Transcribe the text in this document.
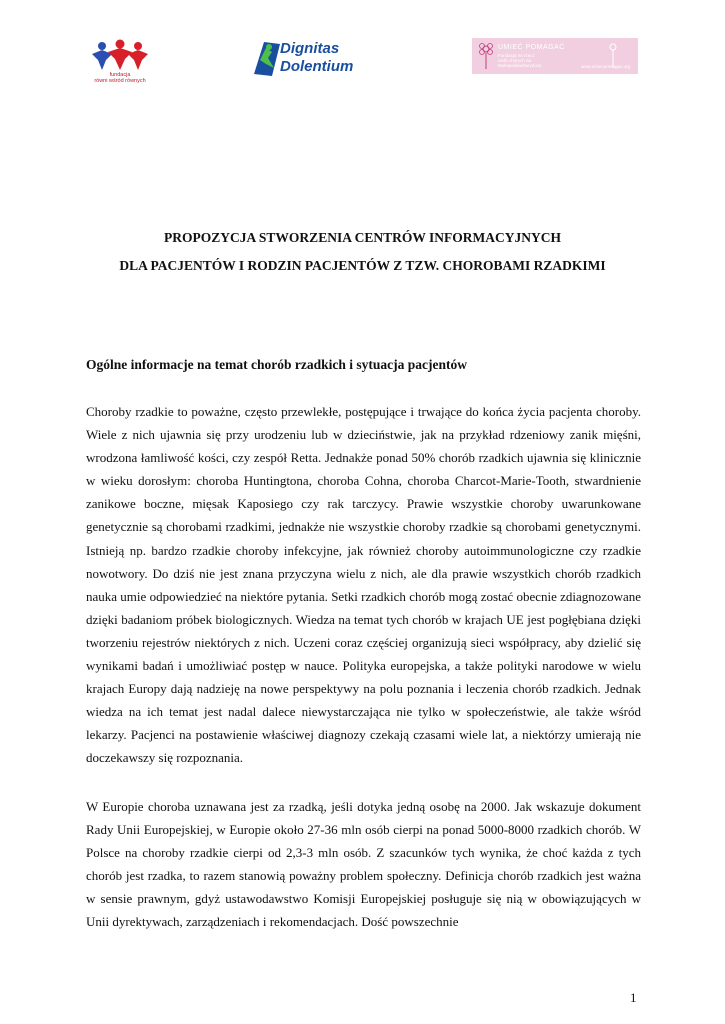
fundacja
równi wśród równych
Dignitas
Dolentium
UMIEĆ POMAGAĆ
Fundacja na rzecz osób chorych na Mukopolisacharydozę	www.umiecpomagac.org
PROPOZYCJA STWORZENIA CENTRÓW INFORMACYJNYCH
DLA PACJENTÓW I RODZIN PACJENTÓW Z TZW. CHOROBAMI RZADKIMI
Ogólne informacje na temat chorób rzadkich i sytuacja pacjentów

Choroby rzadkie to poważne, często przewlekłe, postępujące i trwające do końca życia pacjenta choroby. Wiele z nich ujawnia się przy urodzeniu lub w dzieciństwie, jak na przykład rdzeniowy zanik mięśni, wrodzona łamliwość kości, czy zespół Retta. Jednakże ponad 50% chorób rzadkich ujawnia się klinicznie w wieku dorosłym: choroba Huntingtona, choroba Cohna, choroba Charcot-Marie-Tooth, stwardnienie zanikowe boczne, mięsak Kaposiego czy rak tarczycy. Prawie wszystkie choroby uwarunkowane genetycznie są chorobami rzadkimi, jednakże nie wszystkie choroby rzadkie są chorobami genetycznymi. Istnieją np. bardzo rzadkie choroby infekcyjne, jak również choroby autoimmunologiczne czy rzadkie nowotwory. Do dziś nie jest znana przyczyna wielu z nich, ale dla prawie wszystkich chorób rzadkich nauka umie odpowiedzieć na niektóre pytania. Setki rzadkich chorób mogą zostać obecnie zdiagnozowane dzięki badaniom próbek biologicznych. Wiedza na temat tych chorób w krajach UE jest pogłębiana dzięki tworzeniu rejestrów niektórych z nich. Uczeni coraz częściej organizują sieci współpracy, aby dzielić się wynikami badań i umożliwiać postęp w nauce. Polityka europejska, a także polityki narodowe w wielu krajach Europy dają nadzieję na nowe perspektywy na polu poznania i leczenia chorób rzadkich. Jednak wiedza na ich temat jest nadal dalece niewystarczająca nie tylko w społeczeństwie, ale także wśród lekarzy. Pacjenci na postawienie właściwej diagnozy czekają czasami wiele lat, a niektórzy umierają nie doczekawszy się rozpoznania.

W Europie choroba uznawana jest za rzadką, jeśli dotyka jedną osobę na 2000. Jak wskazuje dokument Rady Unii Europejskiej, w Europie około 27-36 mln osób cierpi na ponad 5000-8000 rzadkich chorób. W Polsce na choroby rzadkie cierpi od 2,3-3 mln osób. Z szacunków tych wynika, że choć każda z tych chorób jest rzadka, to razem stanowią poważny problem społeczny. Definicja chorób rzadkich jest ważna w sensie prawnym, gdyż ustawodawstwo Komisji Europejskiej posługuje się nią w obowiązujących w Unii dyrektywach, zarządzeniach i rekomendacjach. Dość powszechnie

1
